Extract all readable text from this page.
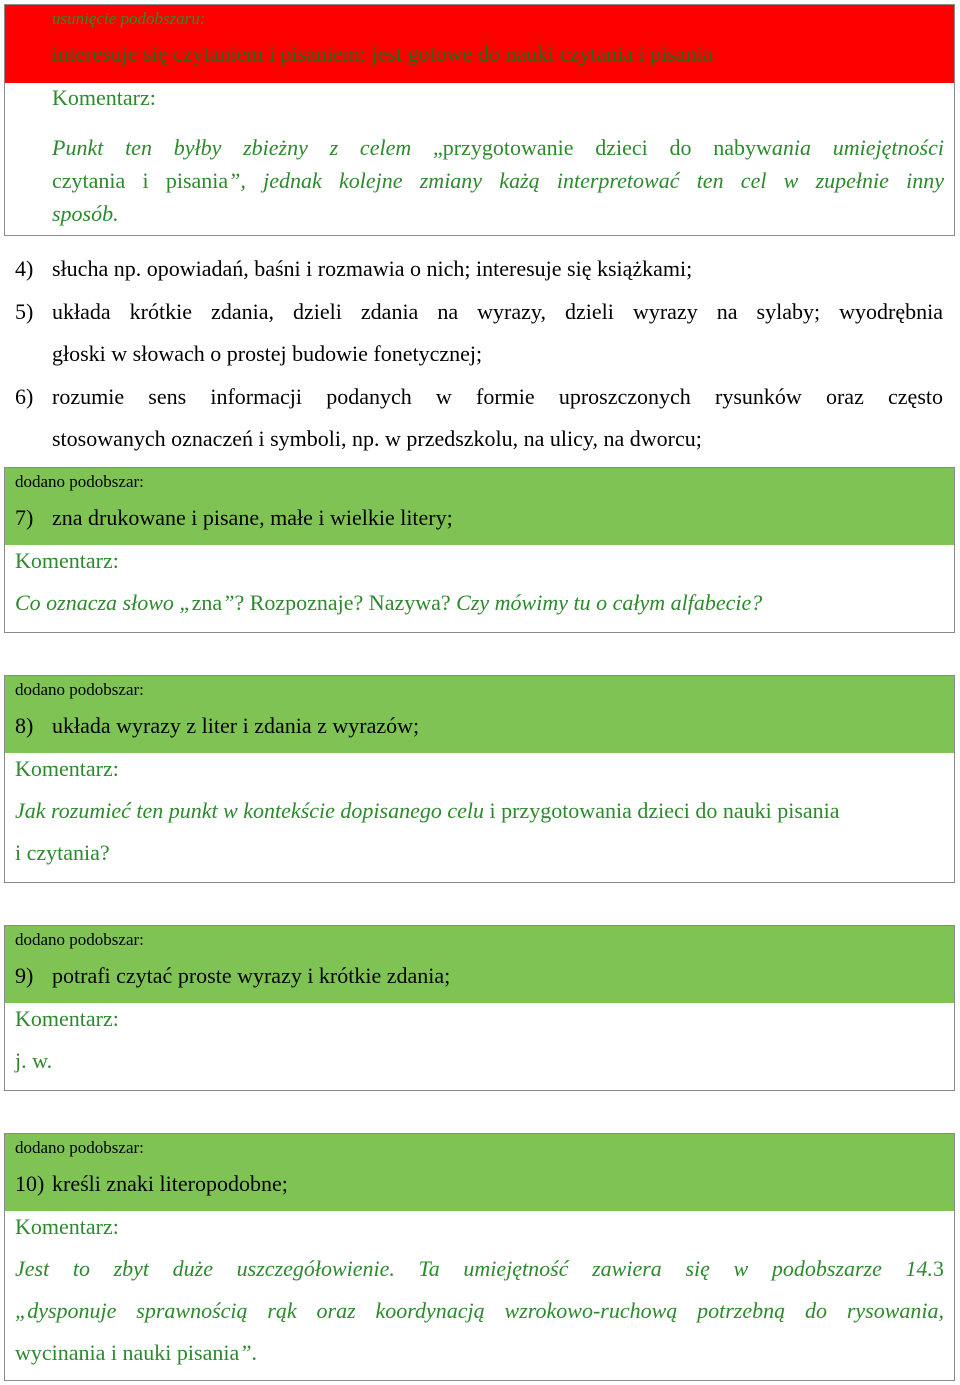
usunięcie podobszaru:
interesuje się czytaniem i pisaniem; jest gotowe do nauki czytania i pisania
Komentarz:
Punkt ten byłby zbieżny z celem „przygotowanie dzieci do nabywania umiejętności
czytania i pisania”, jednak kolejne zmiany każą interpretować ten cel w zupełnie inny
sposób.
4) słucha np. opowiadań, baśni i rozmawia o nich; interesuje się książkami;
5) układa krótkie zdania, dzieli zdania na wyrazy, dzieli wyrazy na sylaby; wyodrębnia
głoski w słowach o prostej budowie fonetycznej;
6) rozumie sens informacji podanych w formie uproszczonych rysunków oraz często
stosowanych oznaczeń i symboli, np. w przedszkolu, na ulicy, na dworcu;
dodano podobszar:
7) zna drukowane i pisane, małe i wielkie litery;
Komentarz:
Co oznacza słowo „zna”? Rozpoznaje? Nazywa? Czy mówimy tu o całym alfabecie?
dodano podobszar:
8) układa wyrazy z liter i zdania z wyrazów;
Komentarz:
Jak rozumieć ten punkt w kontekście dopisanego celu i przygotowania dzieci do nauki pisania
i czytania?
dodano podobszar:
9) potrafi czytać proste wyrazy i krótkie zdania;
Komentarz:
j. w.
dodano podobszar:
10) kreśli znaki literopodobne;
Komentarz:
Jest to zbyt duże uszczegółowienie. Ta umiejętność zawiera się w podobszarze 14.3
„dysponuje sprawnością rąk oraz koordynacją wzrokowo-ruchową potrzebną do rysowania,
wycinania i nauki pisania”.
